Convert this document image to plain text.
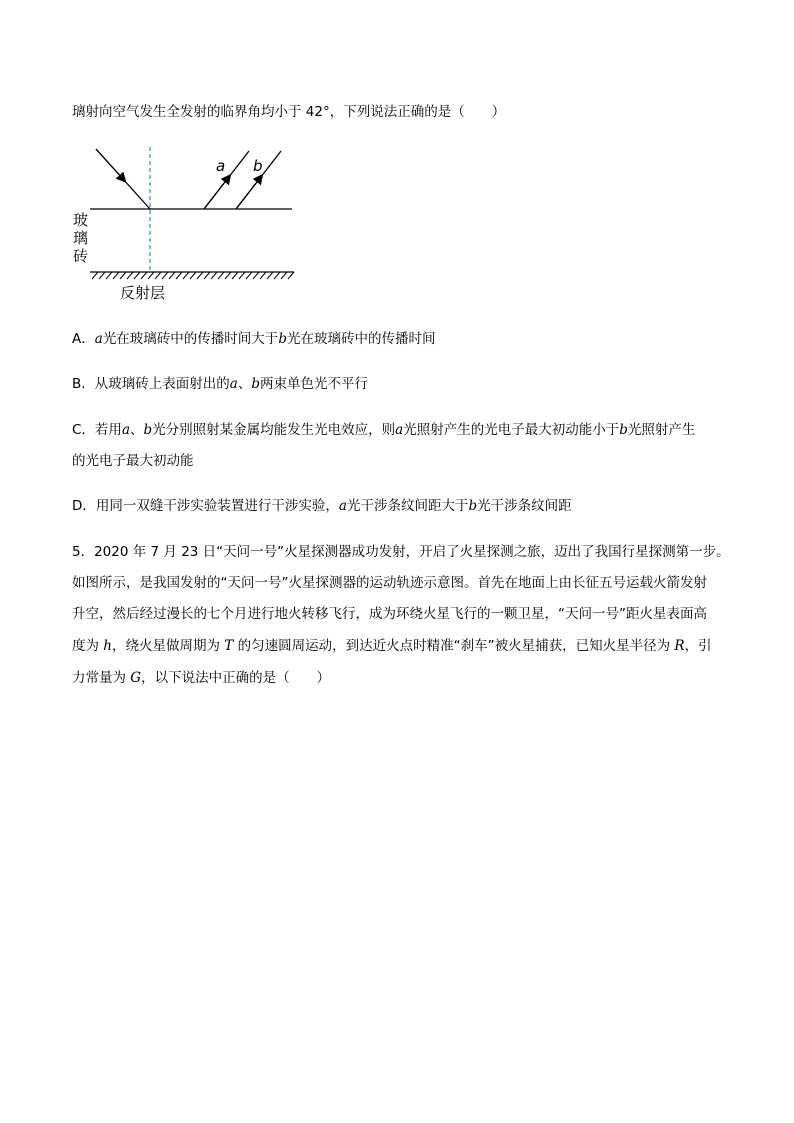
璃射向空气发生全发射的临界角均小于 42°，下列说法正确的是（　　）
a b
玻
璃
砖
反射层
A．a光在玻璃砖中的传播时间大于b光在玻璃砖中的传播时间
B．从玻璃砖上表面射出的a、b两束单色光不平行
C．若用a、b光分别照射某金属均能发生光电效应，则a光照射产生的光电子最大初动能小于b光照射产生
的光电子最大初动能
D．用同一双缝干涉实验装置进行干涉实验，a光干涉条纹间距大于b光干涉条纹间距
5．2020 年 7 月 23 日“天问一号”火星探测器成功发射，开启了火星探测之旅，迈出了我国行星探测第一步。
如图所示，是我国发射的“天问一号”火星探测器的运动轨迹示意图。首先在地面上由长征五号运载火箭发射
升空，然后经过漫长的七个月进行地火转移飞行，成为环绕火星飞行的一颗卫星，“天问一号”距火星表面高
度为 h，绕火星做周期为 T 的匀速圆周运动，到达近火点时精准“刹车”被火星捕获，已知火星半径为 R，引
力常量为 G，以下说法中正确的是（　　）
